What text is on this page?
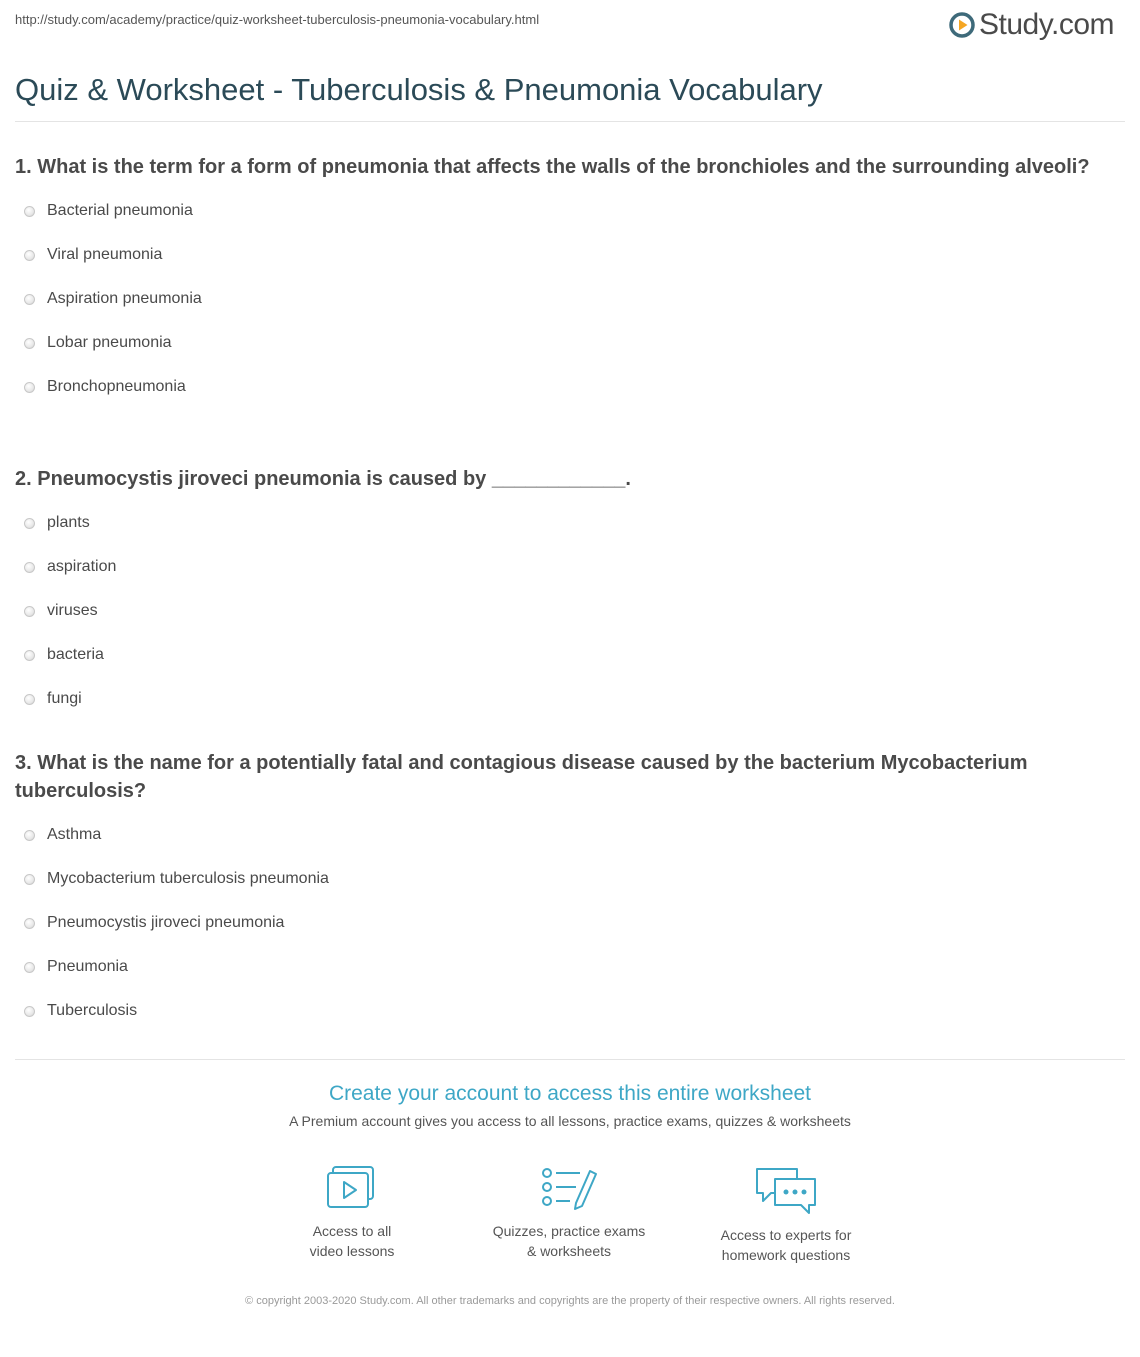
http://study.com/academy/practice/quiz-worksheet-tuberculosis-pneumonia-vocabulary.html	Study.com
Quiz & Worksheet - Tuberculosis & Pneumonia Vocabulary

1. What is the term for a form of pneumonia that affects the walls of the bronchioles and the surrounding alveoli?

Bacterial pneumonia
Viral pneumonia
Aspiration pneumonia
Lobar pneumonia
Bronchopneumonia

2. Pneumocystis jiroveci pneumonia is caused by ____________.

plants
aspiration
viruses
bacteria
fungi

3. What is the name for a potentially fatal and contagious disease caused by the bacterium Mycobacterium tuberculosis?

Asthma
Mycobacterium tuberculosis pneumonia
Pneumocystis jiroveci pneumonia
Pneumonia
Tuberculosis
Create your account to access this entire worksheet
A Premium account gives you access to all lessons, practice exams, quizzes & worksheets
Access to all
video lessons
Quizzes, practice exams
& worksheets
Access to experts for
homework questions
© copyright 2003-2020 Study.com. All other trademarks and copyrights are the property of their respective owners. All rights reserved.
